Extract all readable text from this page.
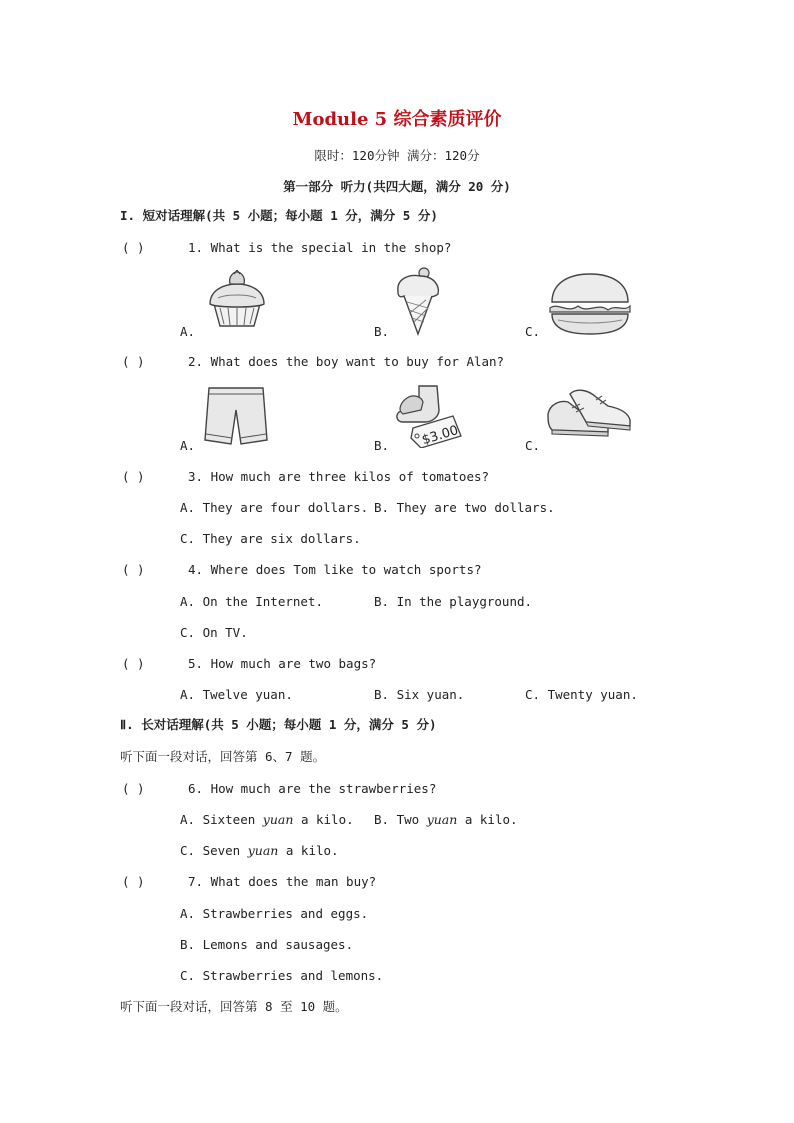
Module 5 综合素质评价
限时：120分钟 满分：120分
第一部分 听力(共四大题，满分 20 分)
I. 短对话理解(共 5 小题；每小题 1 分，满分 5 分)
( )	1. What is the special in the shop?
A.	B.	C.
( )	2. What does the boy want to buy for Alan?
A.	B.	C.
$3.00
( )	3. How much are three kilos of tomatoes?
A. They are four dollars. B. They are two dollars.
C. They are six dollars.
( )	4. Where does Tom like to watch sports?
A. On the Internet.	B. In the playground.
C. On TV.
( )	5. How much are two bags?
A. Twelve yuan.	B. Six yuan.	C. Twenty yuan.
Ⅱ. 长对话理解(共 5 小题；每小题 1 分，满分 5 分)
听下面一段对话，回答第 6、7 题。
( )	6. How much are the strawberries?
A. Sixteen yuan a kilo. B. Two yuan a kilo.
C. Seven yuan a kilo.
( )	7. What does the man buy?
A. Strawberries and eggs.
B. Lemons and sausages.
C. Strawberries and lemons.
听下面一段对话，回答第 8 至 10 题。
